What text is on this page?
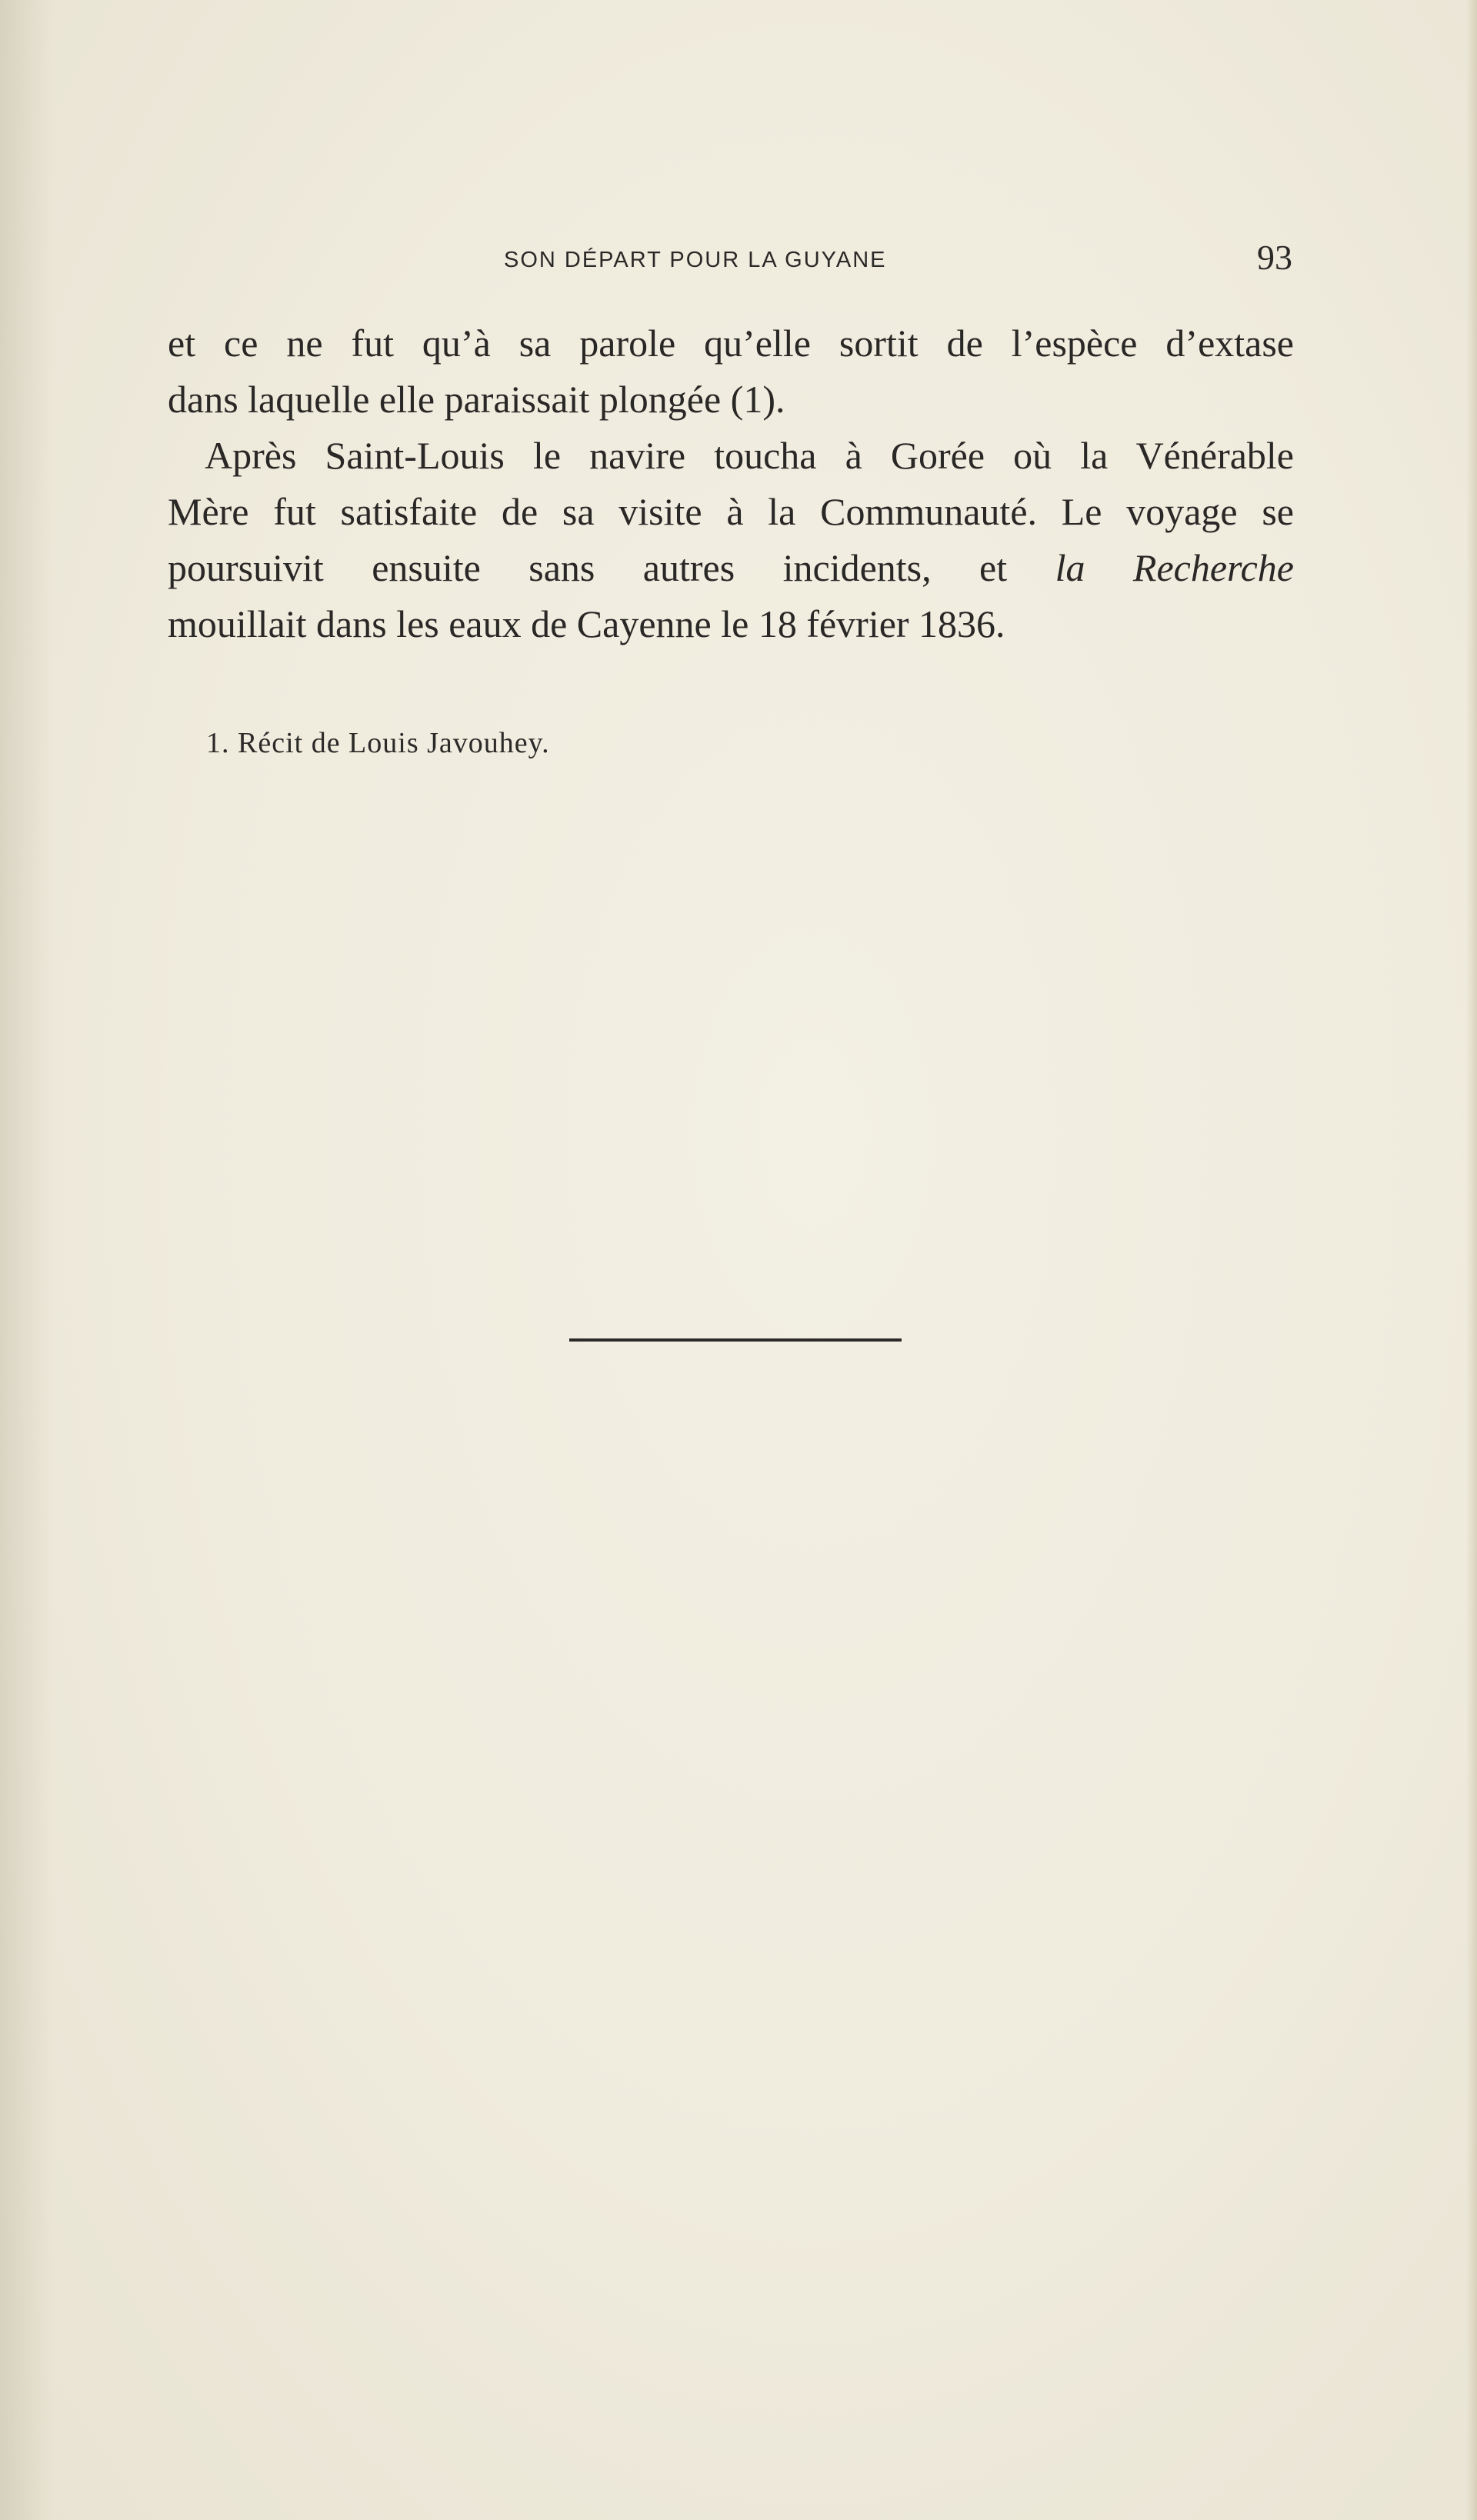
SON DÉPART POUR LA GUYANE	93
et ce ne fut qu’à sa parole qu’elle sortit de l’espèce d’extase
dans laquelle elle paraissait plongée (1).
Après Saint-Louis le navire toucha à Gorée où la Vénérable
Mère fut satisfaite de sa visite à la Communauté. Le voyage se
poursuivit ensuite sans autres incidents, et la Recherche
mouillait dans les eaux de Cayenne le 18 février 1836.
1. Récit de Louis Javouhey.
